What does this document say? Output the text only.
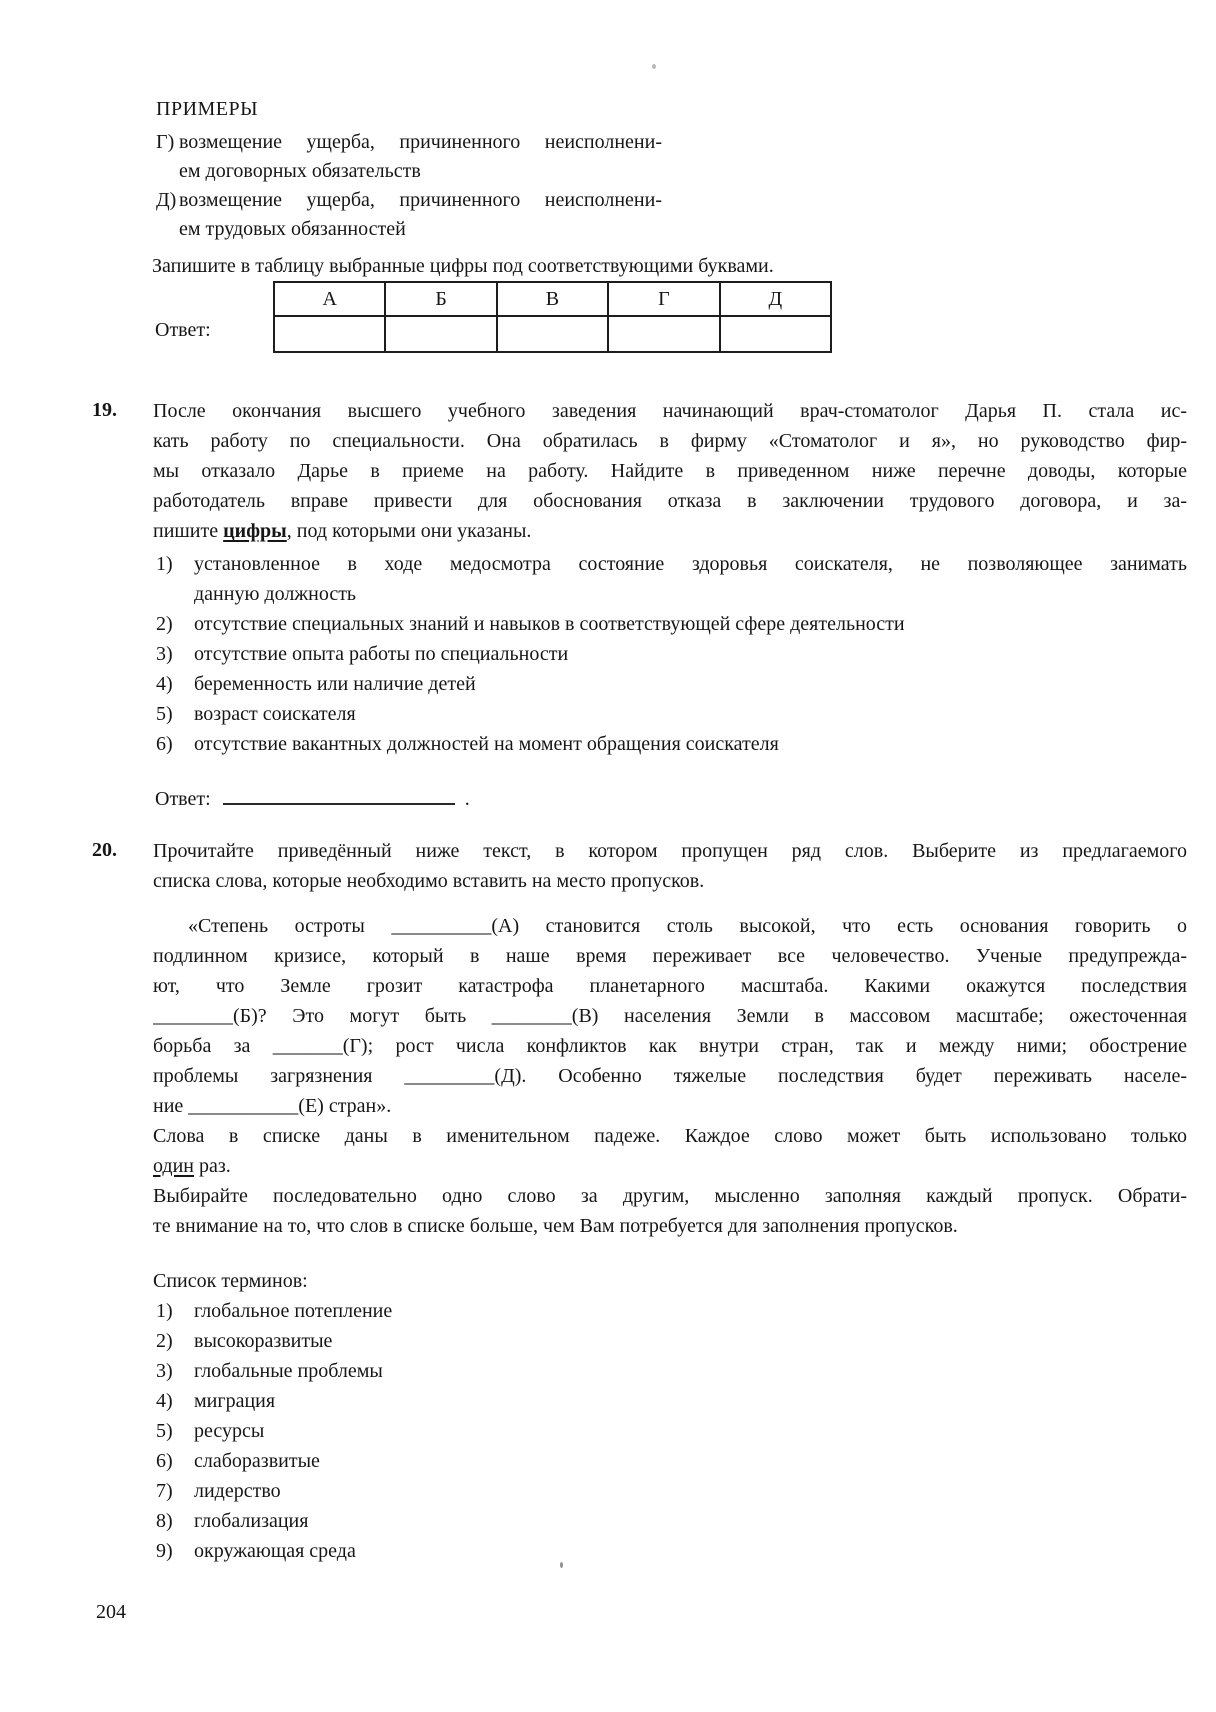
ПРИМЕРЫ
Г) возмещение ущерба, причиненного неисполнени-
ем договорных обязательств
Д) возмещение ущерба, причиненного неисполнени-
ем трудовых обязанностей
Запишите в таблицу выбранные цифры под соответствующими буквами.
Ответ:
А	Б	В	Г	Д

19.	После окончания высшего учебного заведения начинающий врач-стоматолог Дарья П. стала ис-
кать работу по специальности. Она обратилась в фирму «Стоматолог и я», но руководство фир-
мы отказало Дарье в приеме на работу. Найдите в приведенном ниже перечне доводы, которые
работодатель вправе привести для обоснования отказа в заключении трудового договора, и за-
пишите цифры, под которыми они указаны.
1)	установленное в ходе медосмотра состояние здоровья соискателя, не позволяющее занимать
данную должность
2)	отсутствие специальных знаний и навыков в соответствующей сфере деятельности
3)	отсутствие опыта работы по специальности
4)	беременность или наличие детей
5)	возраст соискателя
6)	отсутствие вакантных должностей на момент обращения соискателя
Ответ:	.
20.	Прочитайте приведённый ниже текст, в котором пропущен ряд слов. Выберите из предлагаемого
списка слова, которые необходимо вставить на место пропусков.
«Степень остроты __________(А) становится столь высокой, что есть основания говорить о
подлинном кризисе, который в наше время переживает все человечество. Ученые предупрежда-
ют, что Земле грозит катастрофа планетарного масштаба. Какими окажутся последствия
________(Б)? Это могут быть ________(В) населения Земли в массовом масштабе; ожесточенная
борьба за _______(Г); рост числа конфликтов как внутри стран, так и между ними; обострение
проблемы загрязнения _________(Д). Особенно тяжелые последствия будет переживать населе-
ние ___________(Е) стран».
Слова в списке даны в именительном падеже. Каждое слово может быть использовано только
один раз.
Выбирайте последовательно одно слово за другим, мысленно заполняя каждый пропуск. Обрати-
те внимание на то, что слов в списке больше, чем Вам потребуется для заполнения пропусков.
Список терминов:
1)	глобальное потепление
2)	высокоразвитые
3)	глобальные проблемы
4)	миграция
5)	ресурсы
6)	слаборазвитые
7)	лидерство
8)	глобализация
9)	окружающая среда
204
